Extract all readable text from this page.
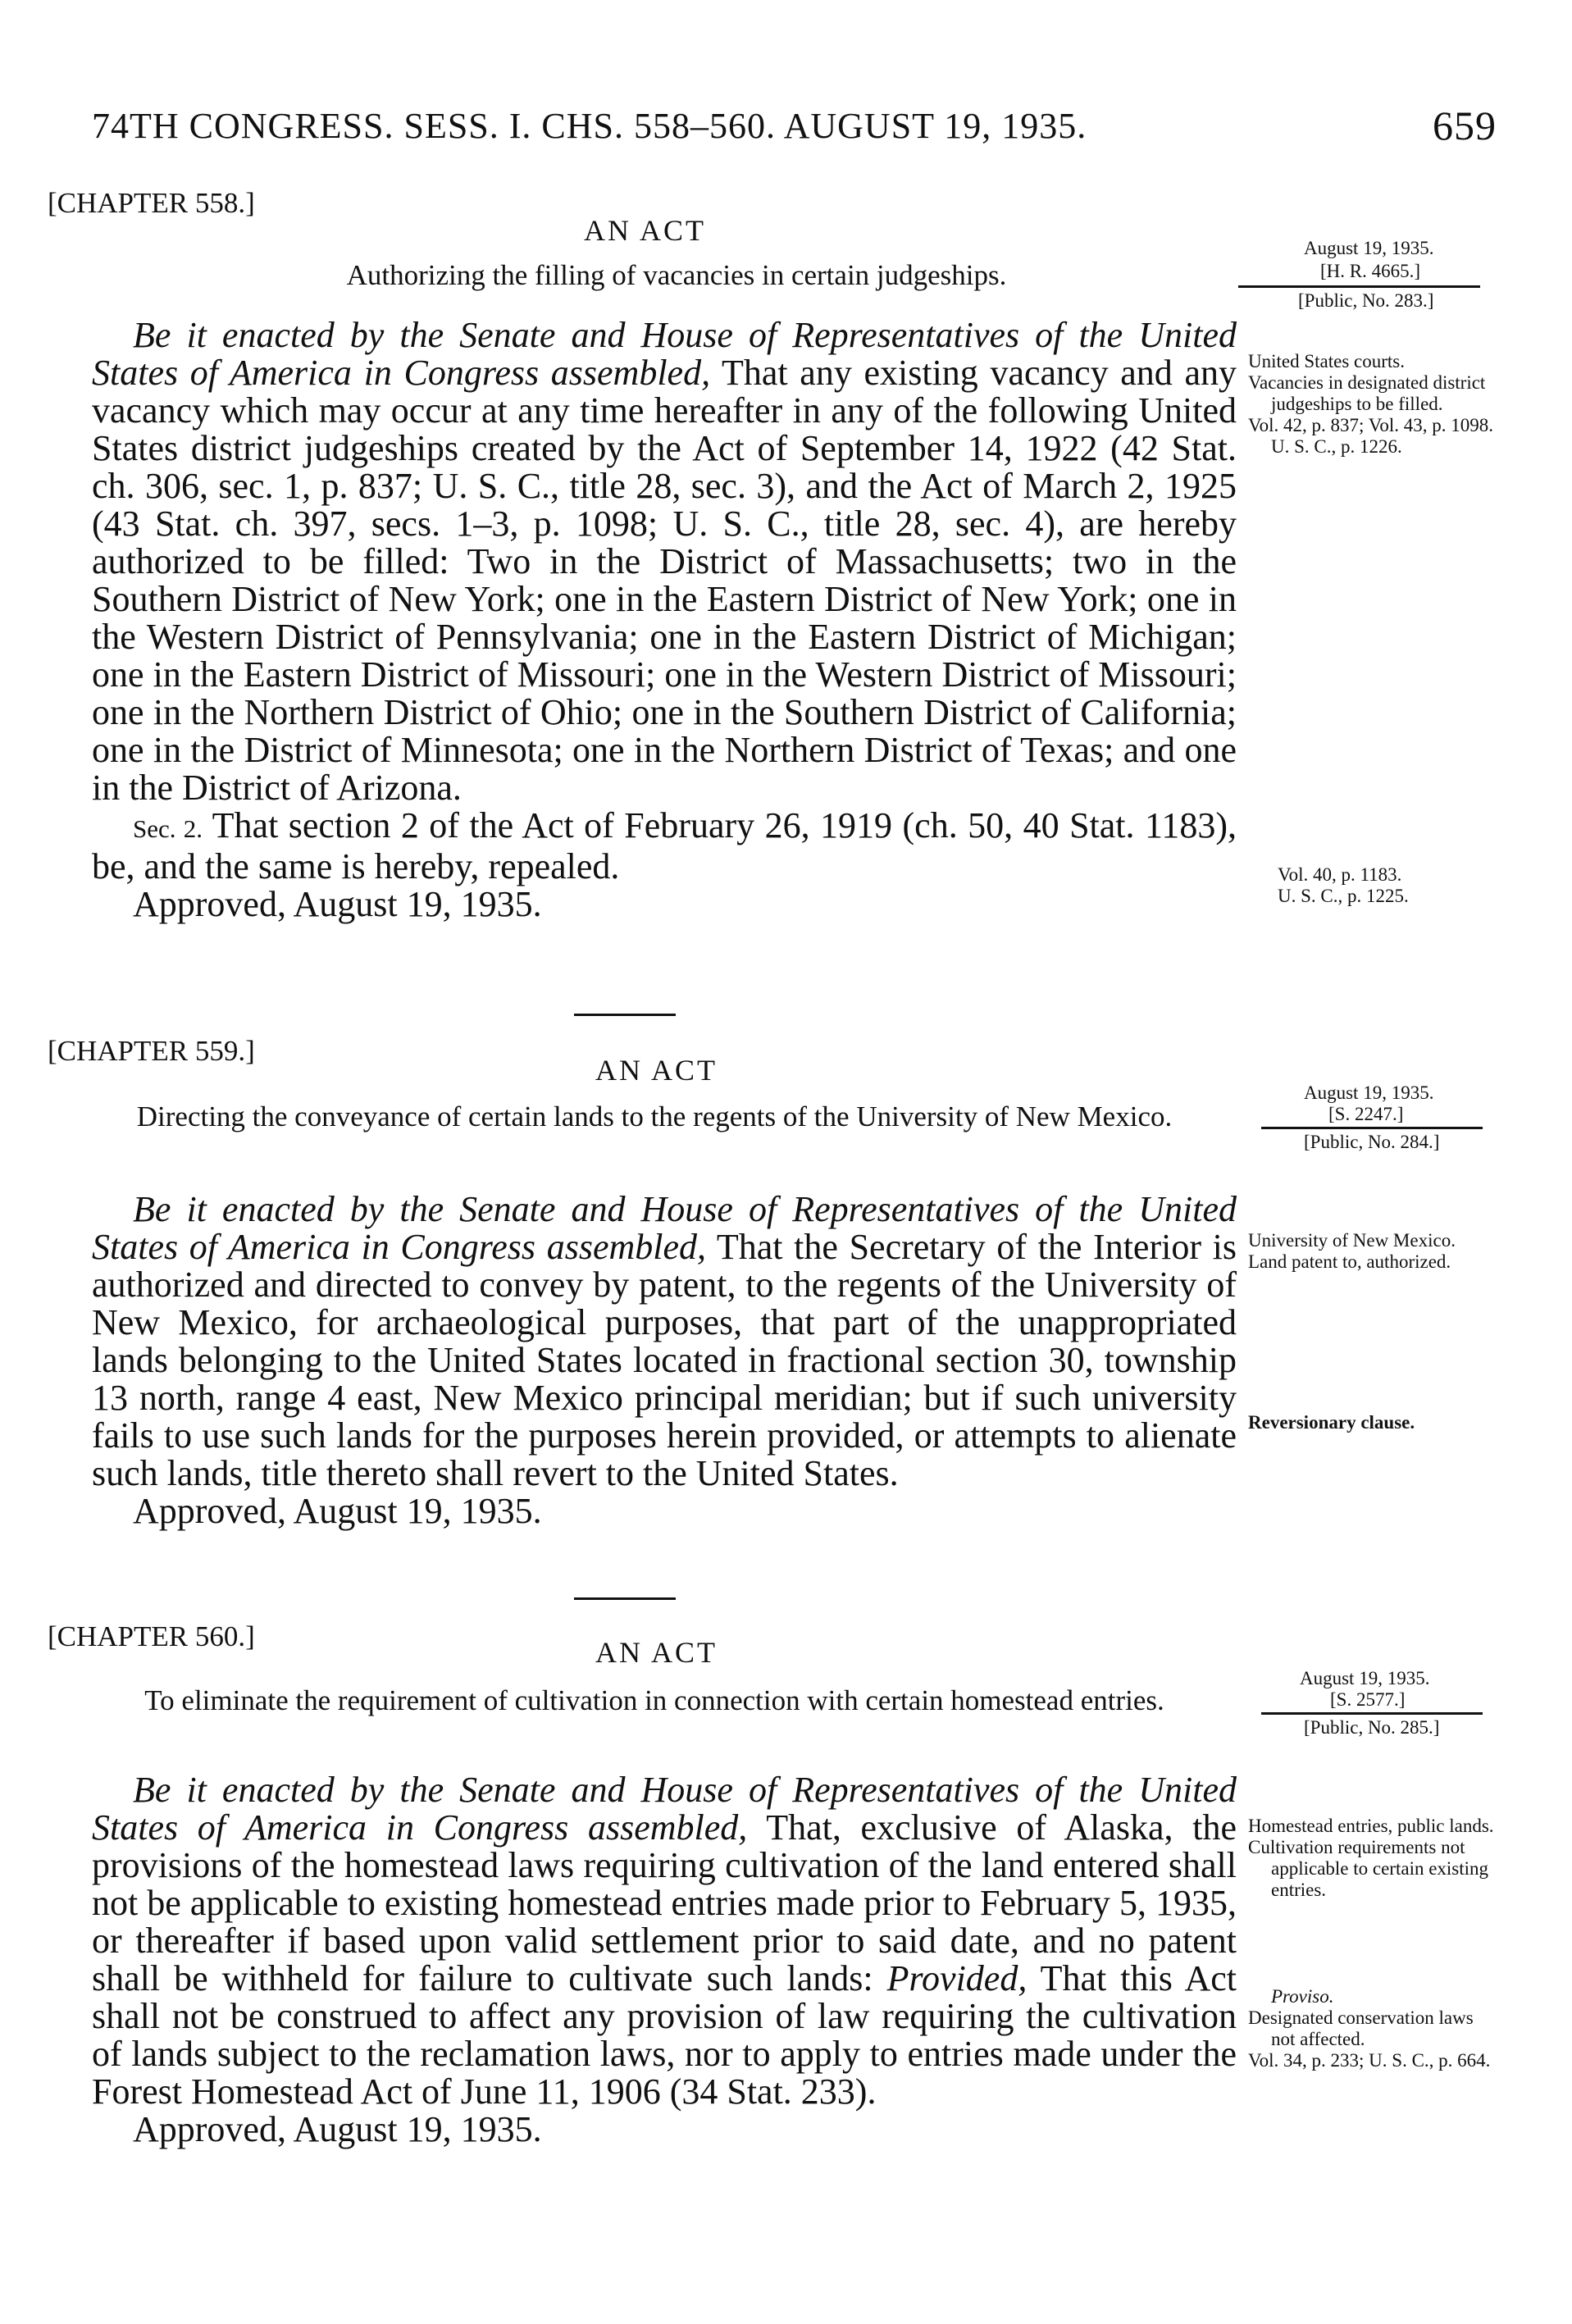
74TH CONGRESS. SESS. I. CHS. 558–560. AUGUST 19, 1935.	659
[CHAPTER 558.]
AN ACT
Authorizing the filling of vacancies in certain judgeships.
August 19, 1935.
[H. R. 4665.]
[Public, No. 283.]

Be it enacted by the Senate and House of Representatives of the United States of America in Congress assembled, That any existing vacancy and any vacancy which may occur at any time hereafter in any of the following United States district judgeships created by the Act of September 14, 1922 (42 Stat. ch. 306, sec. 1, p. 837; U. S. C., title 28, sec. 3), and the Act of March 2, 1925 (43 Stat. ch. 397, secs. 1–3, p. 1098; U. S. C., title 28, sec. 4), are hereby authorized to be filled: Two in the District of Massachusetts; two in the Southern District of New York; one in the Eastern District of New York; one in the Western District of Pennsylvania; one in the Eastern District of Michigan; one in the Eastern District of Missouri; one in the Western District of Missouri; one in the Northern District of Ohio; one in the Southern District of California; one in the District of Minnesota; one in the Northern District of Texas; and one in the District of Arizona.

Sec. 2. That section 2 of the Act of February 26, 1919 (ch. 50, 40 Stat. 1183), be, and the same is hereby, repealed.

Approved, August 19, 1935.

United States courts.

Vacancies in designated district judgeships to be filled.

Vol. 42, p. 837; Vol. 43, p. 1098.

U. S. C., p. 1226.

Vol. 40, p. 1183.

U. S. C., p. 1225.

[CHAPTER 559.]
AN ACT
Directing the conveyance of certain lands to the regents of the University of New Mexico.
August 19, 1935.
[S. 2247.]
[Public, No. 284.]

Be it enacted by the Senate and House of Representatives of the United States of America in Congress assembled, That the Secretary of the Interior is authorized and directed to convey by patent, to the regents of the University of New Mexico, for archaeological purposes, that part of the unappropriated lands belonging to the United States located in fractional section 30, township 13 north, range 4 east, New Mexico principal meridian; but if such university fails to use such lands for the purposes herein provided, or attempts to alienate such lands, title thereto shall revert to the United States.

Approved, August 19, 1935.

University of New Mexico.

Land patent to, authorized.

Reversionary clause.

[CHAPTER 560.]	AN ACT
To eliminate the requirement of cultivation in connection with certain homestead entries.
August 19, 1935.
[S. 2577.]
[Public, No. 285.]

Be it enacted by the Senate and House of Representatives of the United States of America in Congress assembled, That, exclusive of Alaska, the provisions of the homestead laws requiring cultivation of the land entered shall not be applicable to existing homestead entries made prior to February 5, 1935, or thereafter if based upon valid settlement prior to said date, and no patent shall be withheld for failure to cultivate such lands: Provided, That this Act shall not be construed to affect any provision of law requiring the cultivation of lands subject to the reclamation laws, nor to apply to entries made under the Forest Homestead Act of June 11, 1906 (34 Stat. 233).

Approved, August 19, 1935.

Homestead entries, public lands.

Cultivation requirements not applicable to certain existing entries.

Proviso.

Designated conservation laws not affected.

Vol. 34, p. 233; U. S. C., p. 664.
